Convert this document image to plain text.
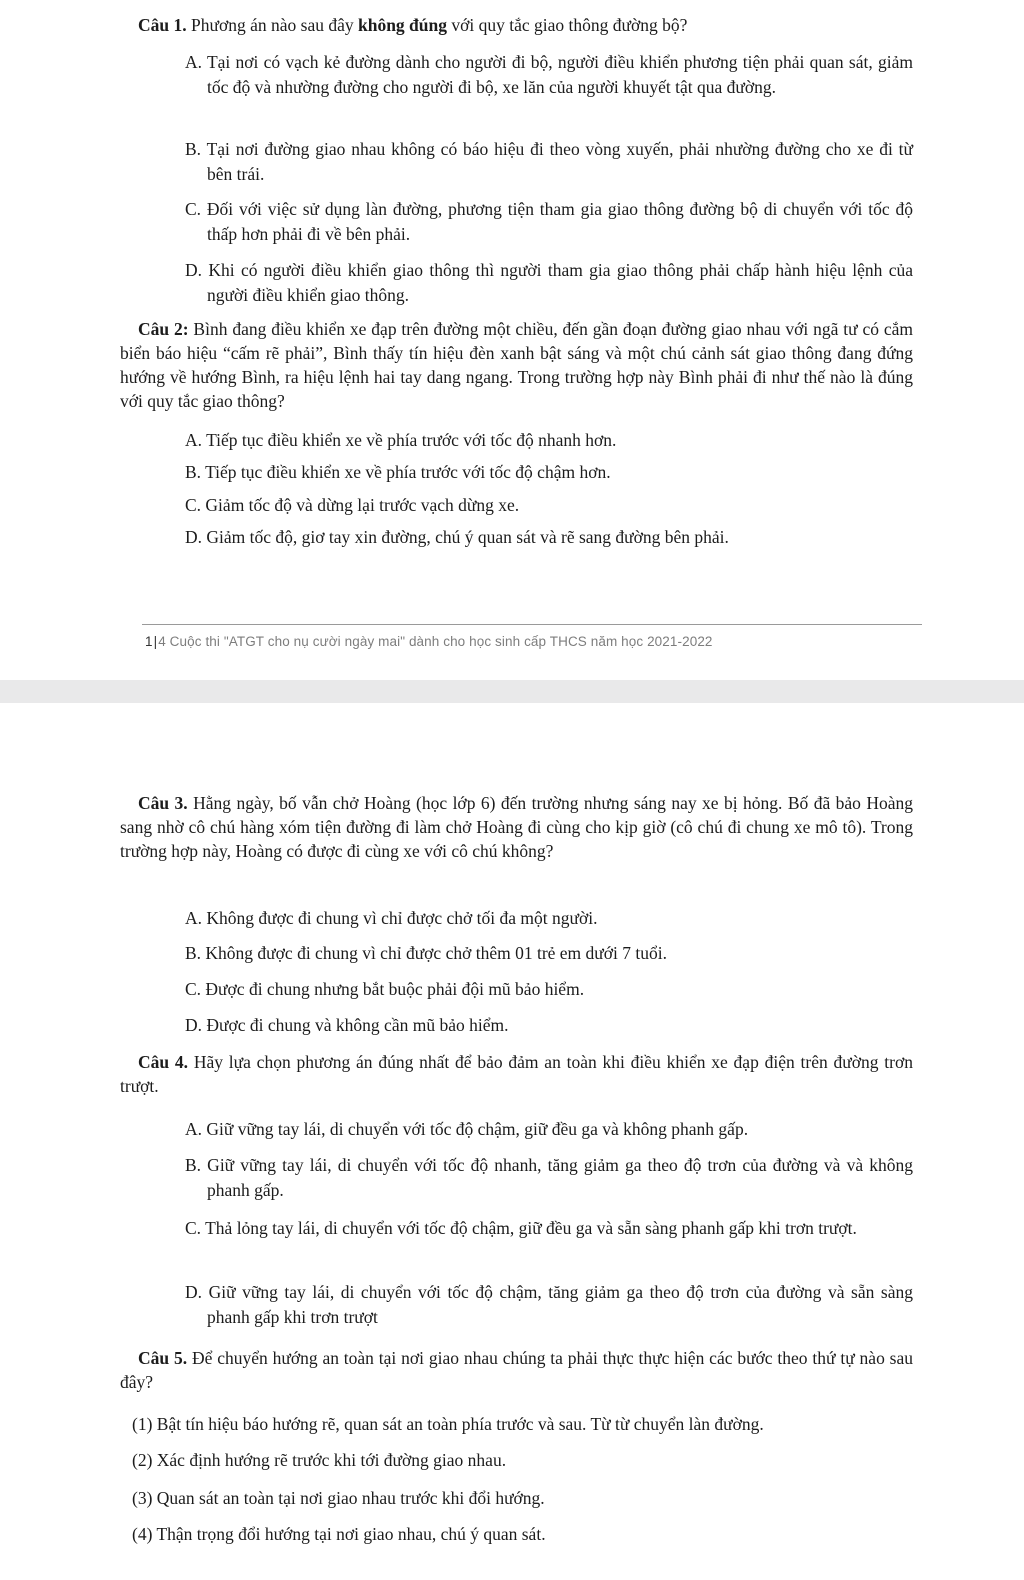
Câu 1. Phương án nào sau đây không đúng với quy tắc giao thông đường bộ?
A. Tại nơi có vạch kẻ đường dành cho người đi bộ, người điều khiển phương tiện phải quan sát, giảm tốc độ và nhường đường cho người đi bộ, xe lăn của người khuyết tật qua đường.
B. Tại nơi đường giao nhau không có báo hiệu đi theo vòng xuyến, phải nhường đường cho xe đi từ bên trái.
C. Đối với việc sử dụng làn đường, phương tiện tham gia giao thông đường bộ di chuyển với tốc độ thấp hơn phải đi về bên phải.
D. Khi có người điều khiển giao thông thì người tham gia giao thông phải chấp hành hiệu lệnh của người điều khiển giao thông.
Câu 2: Bình đang điều khiển xe đạp trên đường một chiều, đến gần đoạn đường giao nhau với ngã tư có cắm biển báo hiệu “cấm rẽ phải”, Bình thấy tín hiệu đèn xanh bật sáng và một chú cảnh sát giao thông đang đứng hướng về hướng Bình, ra hiệu lệnh hai tay dang ngang. Trong trường hợp này Bình phải đi như thế nào là đúng với quy tắc giao thông?
A. Tiếp tục điều khiển xe về phía trước với tốc độ nhanh hơn.
B. Tiếp tục điều khiển xe về phía trước với tốc độ chậm hơn.
C. Giảm tốc độ và dừng lại trước vạch dừng xe.
D. Giảm tốc độ, giơ tay xin đường, chú ý quan sát và rẽ sang đường bên phải.
1|4 Cuộc thi "ATGT cho nụ cười ngày mai" dành cho học sinh cấp THCS năm học 2021-2022
Câu 3. Hằng ngày, bố vẫn chở Hoàng (học lớp 6) đến trường nhưng sáng nay xe bị hỏng. Bố đã bảo Hoàng sang nhờ cô chú hàng xóm tiện đường đi làm chở Hoàng đi cùng cho kịp giờ (cô chú đi chung xe mô tô). Trong trường hợp này, Hoàng có được đi cùng xe với cô chú không?
A. Không được đi chung vì chỉ được chở tối đa một người.
B. Không được đi chung vì chỉ được chở thêm 01 trẻ em dưới 7 tuổi.
C. Được đi chung nhưng bắt buộc phải đội mũ bảo hiểm.
D. Được đi chung và không cần mũ bảo hiểm.
Câu 4. Hãy lựa chọn phương án đúng nhất để bảo đảm an toàn khi điều khiển xe đạp điện trên đường trơn trượt.
A. Giữ vững tay lái, di chuyển với tốc độ chậm, giữ đều ga và không phanh gấp.
B. Giữ vững tay lái, di chuyển với tốc độ nhanh, tăng giảm ga theo độ trơn của đường và và không phanh gấp.
C. Thả lỏng tay lái, di chuyển với tốc độ chậm, giữ đều ga và sẵn sàng phanh gấp khi trơn trượt.
D. Giữ vững tay lái, di chuyển với tốc độ chậm, tăng giảm ga theo độ trơn của đường và sẵn sàng phanh gấp khi trơn trượt
Câu 5. Để chuyển hướng an toàn tại nơi giao nhau chúng ta phải thực thực hiện các bước theo thứ tự nào sau đây?
(1) Bật tín hiệu báo hướng rẽ, quan sát an toàn phía trước và sau. Từ từ chuyển làn đường.
(2) Xác định hướng rẽ trước khi tới đường giao nhau.
(3) Quan sát an toàn tại nơi giao nhau trước khi đổi hướng.
(4) Thận trọng đổi hướng tại nơi giao nhau, chú ý quan sát.
